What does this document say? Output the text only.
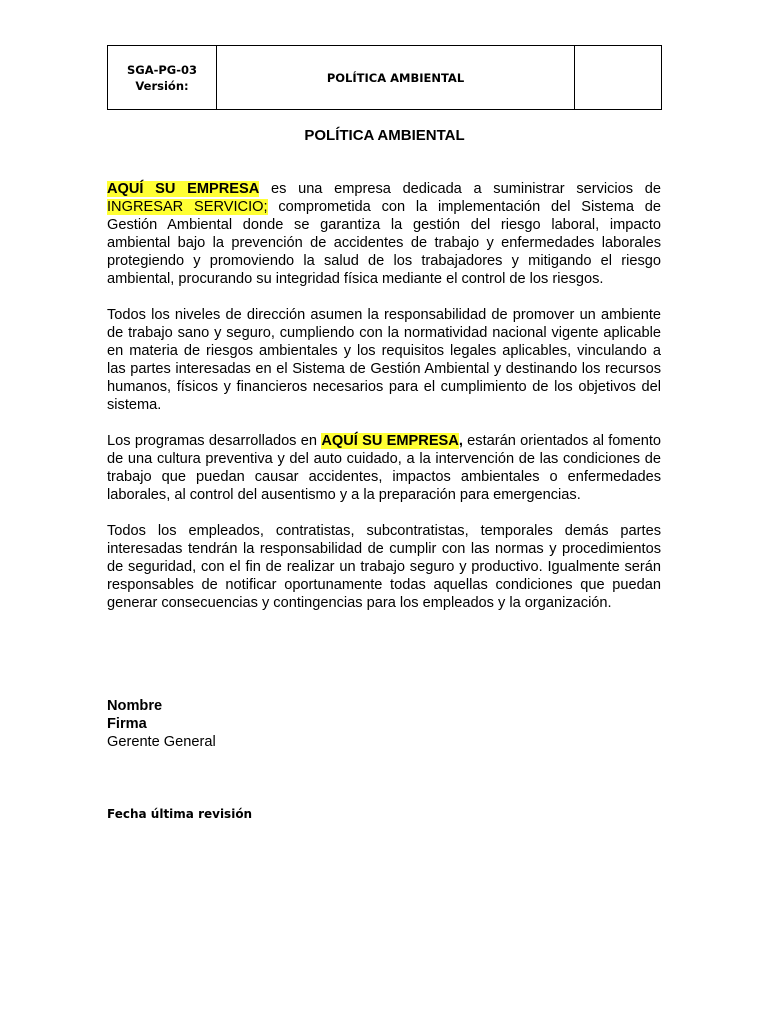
SGA-PG-03
Versión:
	POLÍTICA AMBIENTAL	
POLÍTICA AMBIENTAL

AQUÍ SU EMPRESA es una empresa dedicada a suministrar servicios de INGRESAR SERVICIO; comprometida con la implementación del Sistema de Gestión Ambiental donde se garantiza la gestión del riesgo laboral, impacto ambiental bajo la prevención de accidentes de trabajo y enfermedades laborales protegiendo y promoviendo la salud de los trabajadores y mitigando el riesgo ambiental, procurando su integridad física mediante el control de los riesgos.

Todos los niveles de dirección asumen la responsabilidad de promover un ambiente de trabajo sano y seguro, cumpliendo con la normatividad nacional vigente aplicable en materia de riesgos ambientales y los requisitos legales aplicables, vinculando a las partes interesadas en el Sistema de Gestión Ambiental y destinando los recursos humanos, físicos y financieros necesarios para el cumplimiento de los objetivos del sistema.

Los programas desarrollados en AQUÍ SU EMPRESA, estarán orientados al fomento de una cultura preventiva y del auto cuidado, a la intervención de las condiciones de trabajo que puedan causar accidentes, impactos ambientales o enfermedades laborales, al control del ausentismo y a la preparación para emergencias.

Todos los empleados, contratistas, subcontratistas, temporales demás partes interesadas tendrán la responsabilidad de cumplir con las normas y procedimientos de seguridad, con el fin de realizar un trabajo seguro y productivo. Igualmente serán responsables de notificar oportunamente todas aquellas condiciones que puedan generar consecuencias y contingencias para los empleados y la organización.

Nombre
Firma
Gerente General
Fecha última revisión
